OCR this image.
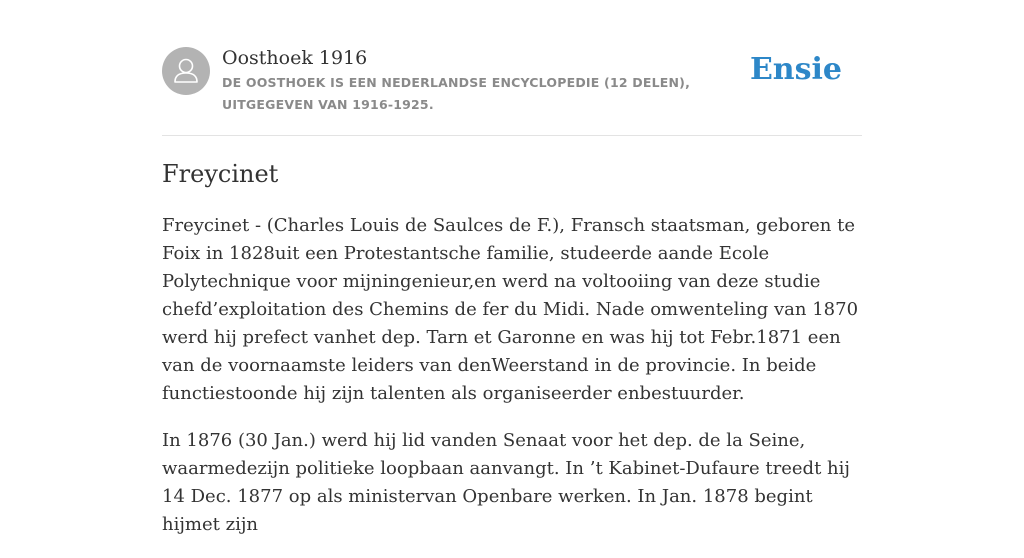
Oosthoek 1916
DE OOSTHOEK IS EEN NEDERLANDSE ENCYCLOPEDIE (12 DELEN), UITGEGEVEN VAN 1916-1925.
Ensie
Freycinet

Freycinet - (Charles Louis de Saulces de F.), Fransch staatsman, geboren te Foix in 1828uit een Protestantsche familie, studeerde aande Ecole Polytechnique voor mijningenieur,en werd na voltooiing van deze studie chefd’exploitation des Chemins de fer du Midi. Nade omwenteling van 1870 werd hij prefect vanhet dep. Tarn et Garonne en was hij tot Febr.1871 een van de voornaamste leiders van denWeerstand in de provincie. In beide functiestoonde hij zijn talenten als organiseerder enbestuurder.

In 1876 (30 Jan.) werd hij lid vanden Senaat voor het dep. de la Seine, waarmedezijn politieke loopbaan aanvangt. In ’t Kabinet-Dufaure treedt hij 14 Dec. 1877 op als ministervan Openbare werken. In Jan. 1878 begint hijmet zijn
